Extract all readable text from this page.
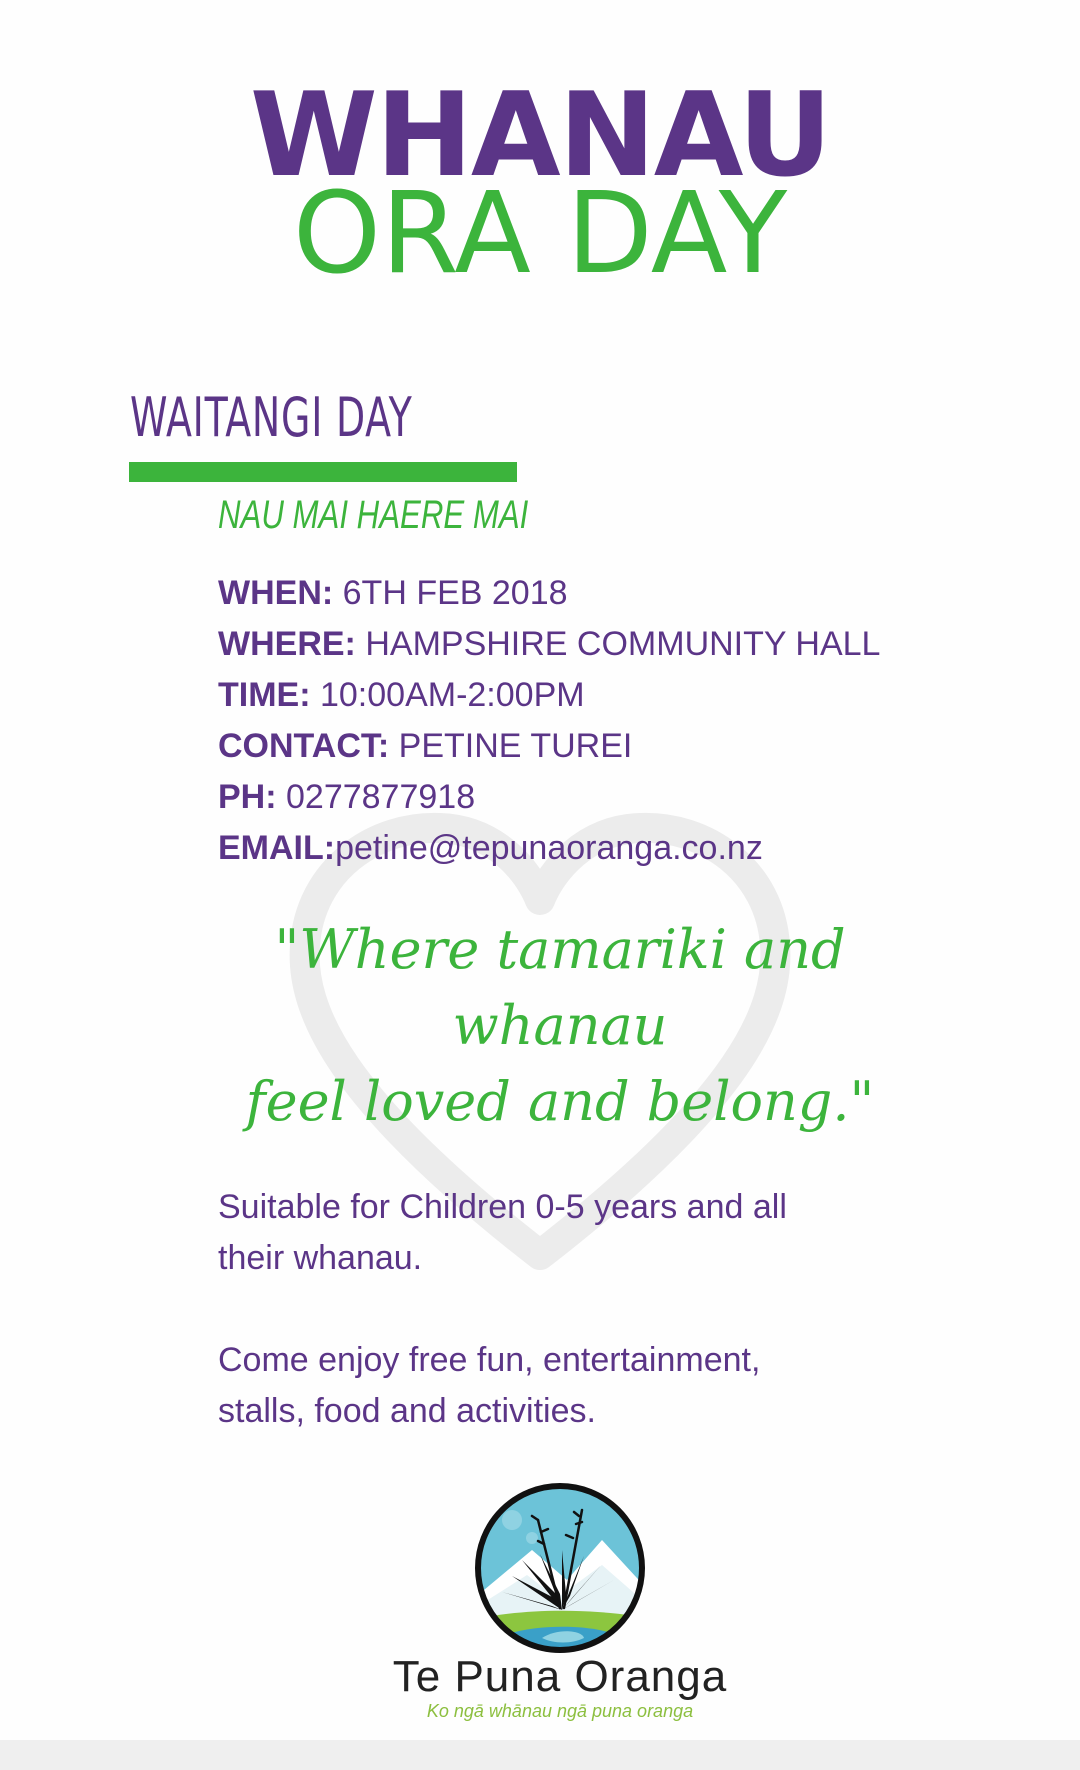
WHANAU
ORA DAY
WAITANGI DAY
NAU MAI HAERE MAI
WHEN: 6TH FEB 2018
WHERE: HAMPSHIRE COMMUNITY HALL
TIME: 10:00AM-2:00PM
CONTACT: PETINE TUREI
PH: 0277877918
EMAIL:petine@tepunaoranga.co.nz
"Where tamariki and whanau
feel loved and belong."
Suitable for Children 0-5 years and all
their whanau.
Come enjoy free fun, entertainment,
stalls, food and activities.
Te Puna Oranga
Ko ngā whānau ngā puna oranga
